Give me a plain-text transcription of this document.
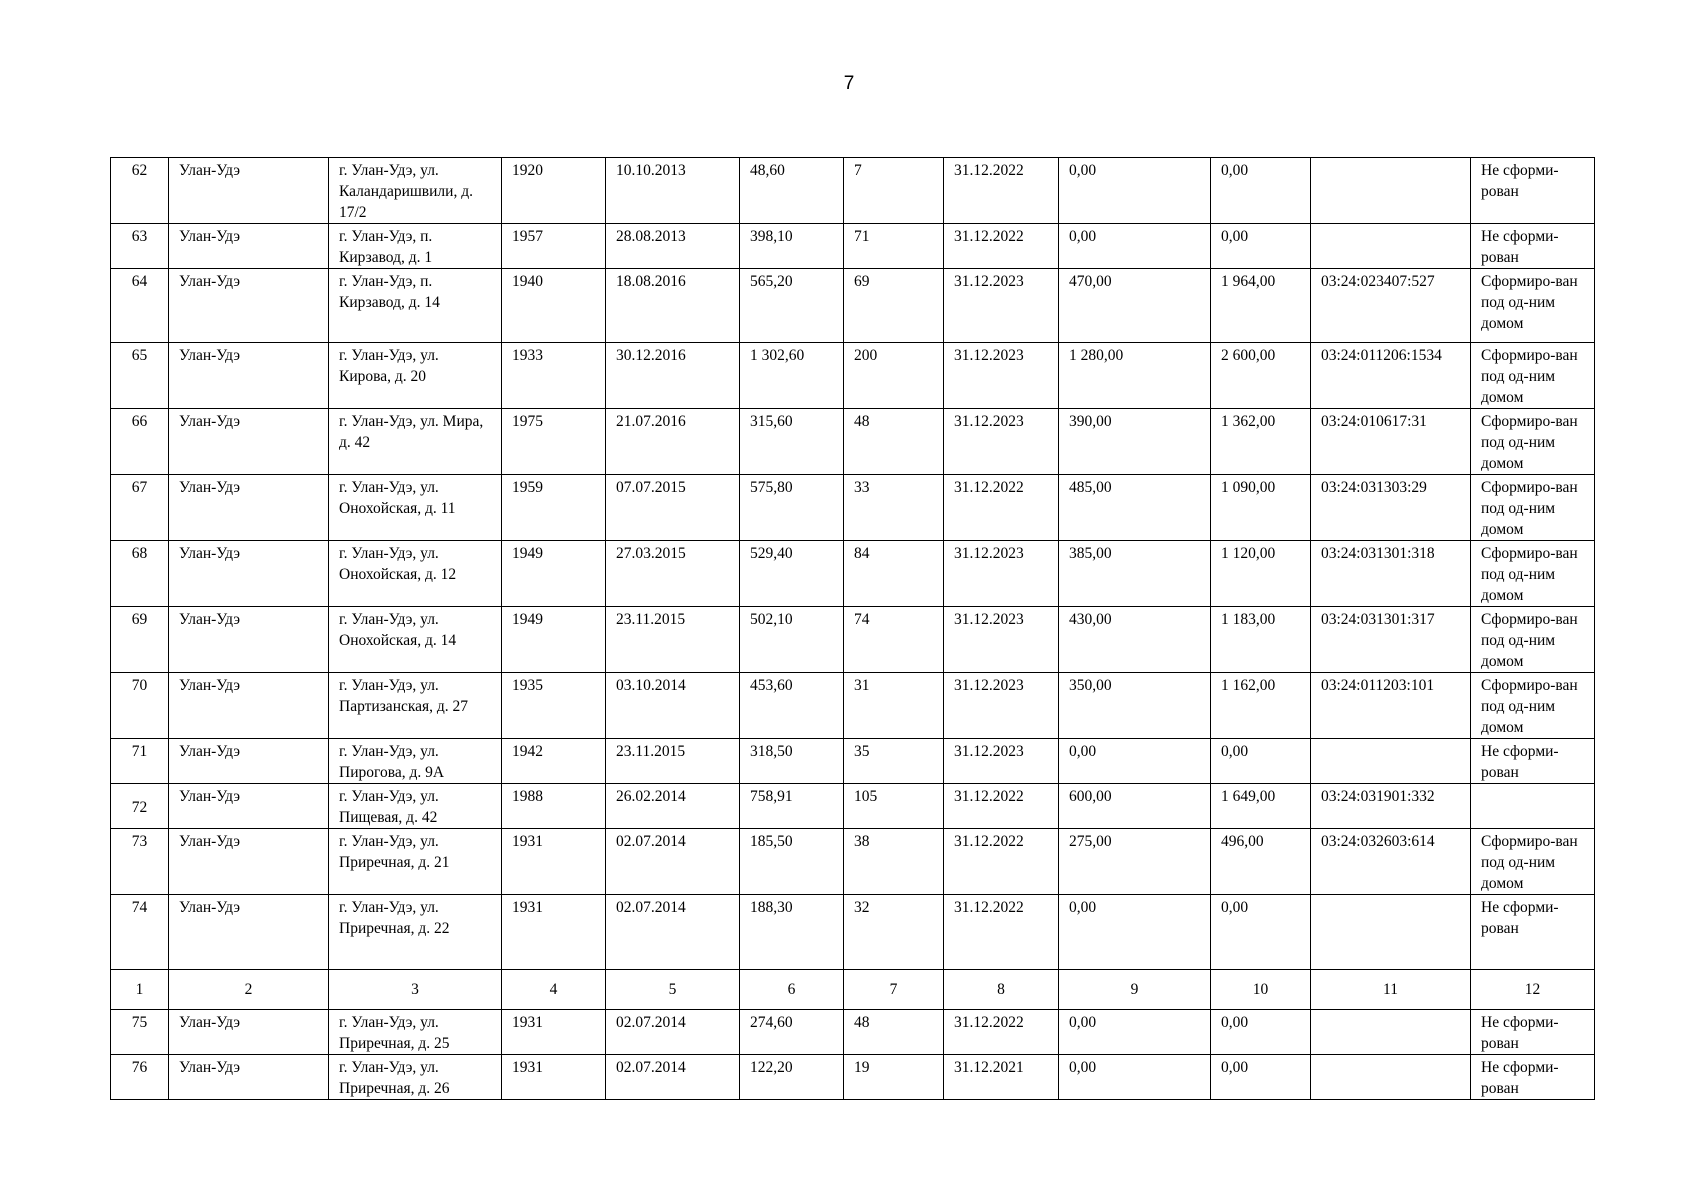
7
62	Улан-Удэ	г. Улан-Удэ, ул. Каландаришвили, д. 17/2	1920	10.10.2013	48,60	7	31.12.2022	0,00	0,00		Не сформи-рован
63	Улан-Удэ	г. Улан-Удэ, п. Кирзавод, д. 1	1957	28.08.2013	398,10	71	31.12.2022	0,00	0,00		Не сформи-рован
64	Улан-Удэ	г. Улан-Удэ, п. Кирзавод, д. 14	1940	18.08.2016	565,20	69	31.12.2023	470,00	1 964,00	03:24:023407:527	Сформиро-ван под од-ним домом
65	Улан-Удэ	г. Улан-Удэ, ул. Кирова, д. 20	1933	30.12.2016	1 302,60	200	31.12.2023	1 280,00	2 600,00	03:24:011206:1534	Сформиро-ван под од-ним домом
66	Улан-Удэ	г. Улан-Удэ, ул. Мира, д. 42	1975	21.07.2016	315,60	48	31.12.2023	390,00	1 362,00	03:24:010617:31	Сформиро-ван под од-ним домом
67	Улан-Удэ	г. Улан-Удэ, ул. Онохойская, д. 11	1959	07.07.2015	575,80	33	31.12.2022	485,00	1 090,00	03:24:031303:29	Сформиро-ван под од-ним домом
68	Улан-Удэ	г. Улан-Удэ, ул. Онохойская, д. 12	1949	27.03.2015	529,40	84	31.12.2023	385,00	1 120,00	03:24:031301:318	Сформиро-ван под од-ним домом
69	Улан-Удэ	г. Улан-Удэ, ул. Онохойская, д. 14	1949	23.11.2015	502,10	74	31.12.2023	430,00	1 183,00	03:24:031301:317	Сформиро-ван под од-ним домом
70	Улан-Удэ	г. Улан-Удэ, ул. Партизанская, д. 27	1935	03.10.2014	453,60	31	31.12.2023	350,00	1 162,00	03:24:011203:101	Сформиро-ван под од-ним домом
71	Улан-Удэ	г. Улан-Удэ, ул. Пирогова, д. 9А	1942	23.11.2015	318,50	35	31.12.2023	0,00	0,00		Не сформи-рован
72	Улан-Удэ	г. Улан-Удэ, ул. Пищевая, д. 42	1988	26.02.2014	758,91	105	31.12.2022	600,00	1 649,00	03:24:031901:332	
73	Улан-Удэ	г. Улан-Удэ, ул. Приречная, д. 21	1931	02.07.2014	185,50	38	31.12.2022	275,00	496,00	03:24:032603:614	Сформиро-ван под од-ним домом
74	Улан-Удэ	г. Улан-Удэ, ул. Приречная, д. 22	1931	02.07.2014	188,30	32	31.12.2022	0,00	0,00		Не сформи-рован
1	2	3	4	5	6	7	8	9	10	11	12
75	Улан-Удэ	г. Улан-Удэ, ул. Приречная, д. 25	1931	02.07.2014	274,60	48	31.12.2022	0,00	0,00		Не сформи-рован
76	Улан-Удэ	г. Улан-Удэ, ул. Приречная, д. 26	1931	02.07.2014	122,20	19	31.12.2021	0,00	0,00		Не сформи-рован
